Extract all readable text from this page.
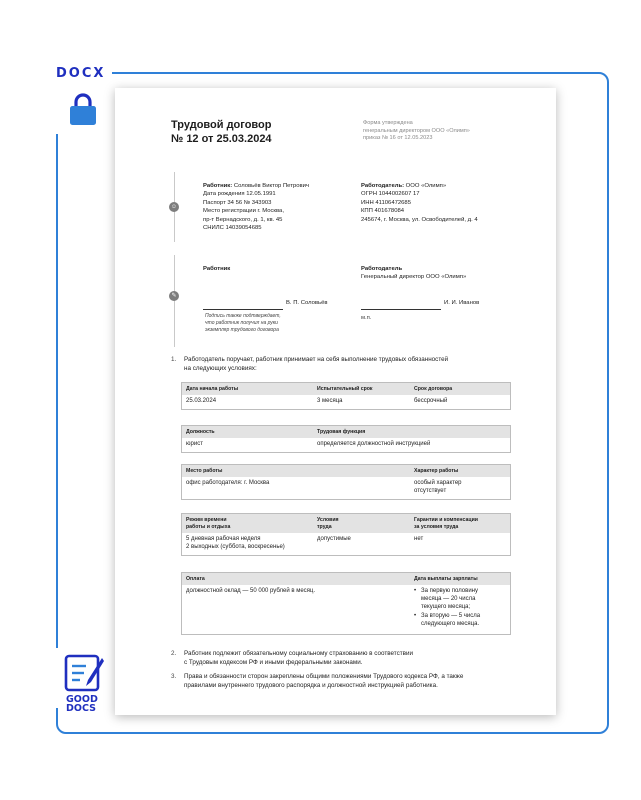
DOCX
GOOD
DOCS
Трудовой договор
№ 12 от 25.03.2024
Форма утверждена
генеральным директором ООО «Олимп»
приказ № 16 от 12.05.2023
☺
Работник: Соловьёв Виктор Петрович
Дата рождения 12.05.1991
Паспорт 34 56 № 343903
Место регистрации г. Москва,
пр-т Вернадского, д. 1, кв. 45
СНИЛС 14039054685
Работодатель: ООО «Олимп»
ОГРН 1044002607 17
ИНН 41106472685
КПП 401678084
245674, г. Москва, ул. Освободителей, д. 4
✎
Работник
В. П. Соловьёв
Подпись также подтверждает,
что работник получил на руки
экземпляр трудового договора
Работодатель
Генеральный директор ООО «Олимп»
И. И. Иванов
м.п.
1. Работодатель поручает, работник принимает на себя выполнение трудовых обязанностей
на следующих условиях:
Дата начала работы	Испытательный срок	Срок договора
25.03.2024	3 месяца	бессрочный
Должность	Трудовая функция
юрист	определяется должностной инструкцией
Место работы	Характер работы
офис работодателя: г. Москва	особый характер
отсутствует
Режим времени
работы и отдыха
Условия
труда
Гарантии и компенсации
за условия труда
5 дневная рабочая неделя
2 выходных (суббота, воскресенье)
допустимые	нет
Оплата	Дата выплаты зарплаты
должностной оклад — 50 000 рублей в месяц.
•	За первую половину
месяца — 20 числа
текущего месяца;
• За вторую — 5 числа
следующего месяца.
2. Работник подлежит обязательному социальному страхованию в соответствии
с Трудовым кодексом РФ и иными федеральными законами.
3. Права и обязанности сторон закреплены общими положениями Трудового кодекса РФ, а также
правилами внутреннего трудового распорядка и должностной инструкцией работника.
